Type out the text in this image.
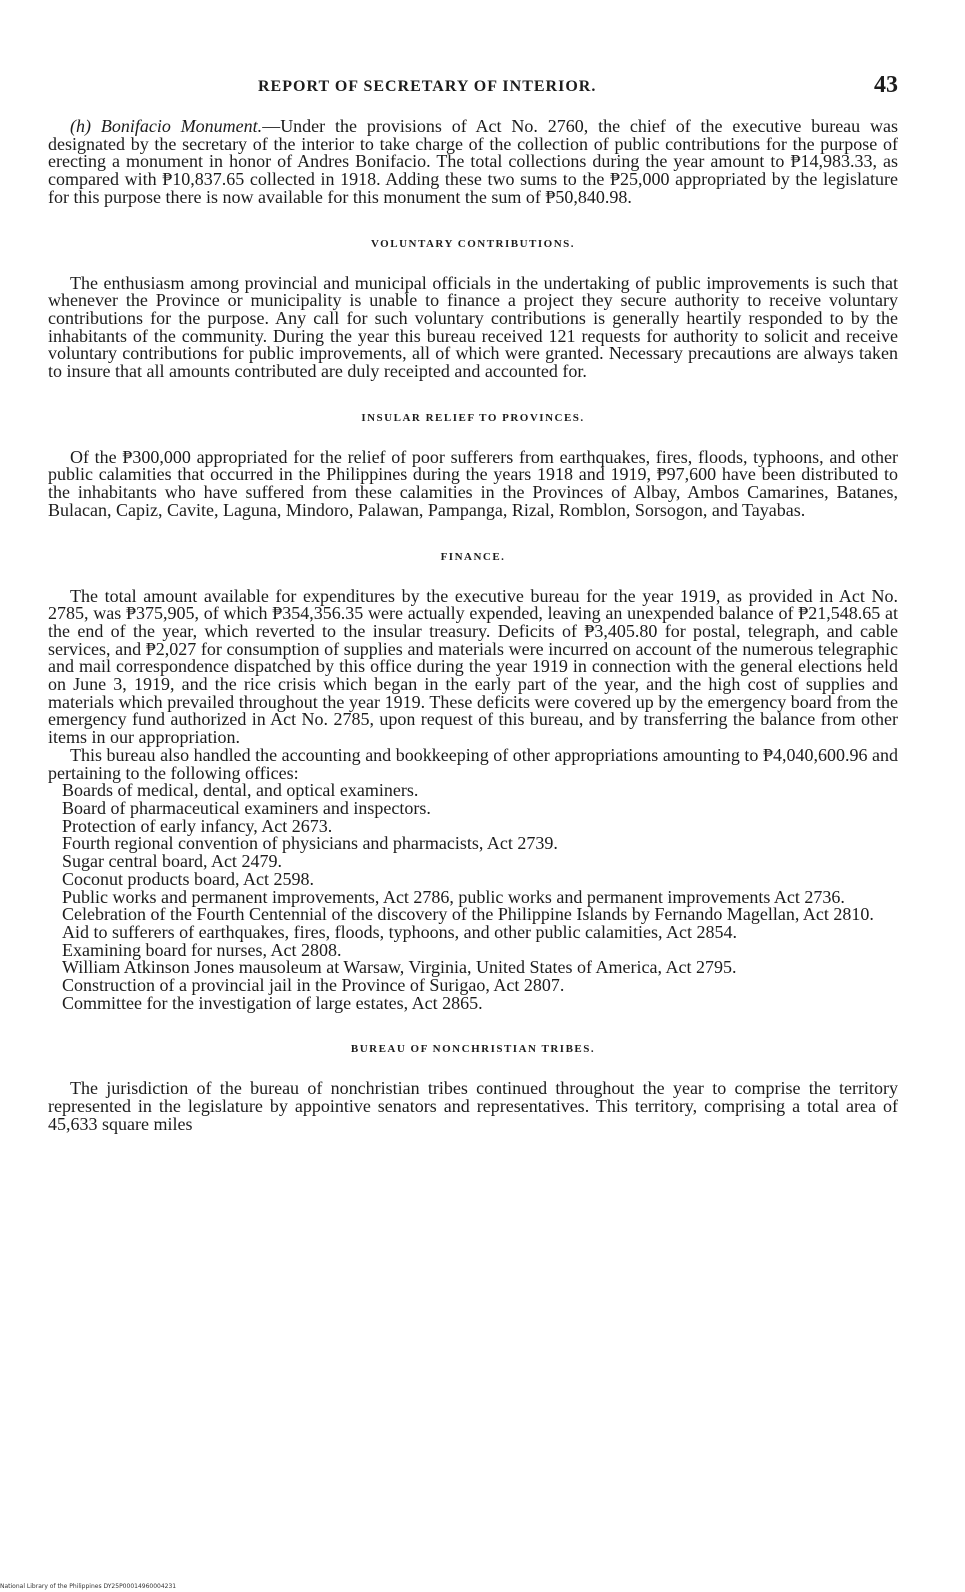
REPORT OF SECRETARY OF INTERIOR.	43

(h) Bonifacio Monument.—Under the provisions of Act No. 2760, the chief of the executive bureau was designated by the secretary of the interior to take charge of the collection of public contributions for the purpose of erecting a monument in honor of Andres Bonifacio. The total collections during the year amount to ₱14,983.33, as compared with ₱10,837.65 collected in 1918. Adding these two sums to the ₱25,000 appropriated by the legislature for this purpose there is now available for this monument the sum of ₱50,840.98.

VOLUNTARY CONTRIBUTIONS.

The enthusiasm among provincial and municipal officials in the undertaking of public improvements is such that whenever the Province or municipality is unable to finance a project they secure authority to receive voluntary contributions for the purpose. Any call for such voluntary contributions is generally heartily responded to by the inhabitants of the community. During the year this bureau received 121 requests for authority to solicit and receive voluntary contributions for public improvements, all of which were granted. Necessary precautions are always taken to insure that all amounts contributed are duly receipted and accounted for.

INSULAR RELIEF TO PROVINCES.

Of the ₱300,000 appropriated for the relief of poor sufferers from earthquakes, fires, floods, typhoons, and other public calamities that occurred in the Philippines during the years 1918 and 1919, ₱97,600 have been distributed to the inhabitants who have suffered from these calamities in the Provinces of Albay, Ambos Camarines, Batanes, Bulacan, Capiz, Cavite, Laguna, Mindoro, Palawan, Pampanga, Rizal, Romblon, Sorsogon, and Tayabas.

FINANCE.

The total amount available for expenditures by the executive bureau for the year 1919, as provided in Act No. 2785, was ₱375,905, of which ₱354,356.35 were actually expended, leaving an unexpended balance of ₱21,548.65 at the end of the year, which reverted to the insular treasury. Deficits of ₱3,405.80 for postal, telegraph, and cable services, and ₱2,027 for consumption of supplies and materials were incurred on account of the numerous telegraphic and mail correspondence dispatched by this office during the year 1919 in connection with the general elections held on June 3, 1919, and the rice crisis which began in the early part of the year, and the high cost of supplies and materials which prevailed throughout the year 1919. These deficits were covered up by the emergency board from the emergency fund authorized in Act No. 2785, upon request of this bureau, and by transferring the balance from other items in our appropriation.

This bureau also handled the accounting and bookkeeping of other appropriations amounting to ₱4,040,600.96 and pertaining to the following offices:

Boards of medical, dental, and optical examiners.
Board of pharmaceutical examiners and inspectors.
Protection of early infancy, Act 2673.
Fourth regional convention of physicians and pharmacists, Act 2739.
Sugar central board, Act 2479.
Coconut products board, Act 2598.
Public works and permanent improvements, Act 2786, public works and permanent improvements Act 2736.
Celebration of the Fourth Centennial of the discovery of the Philippine Islands by Fernando Magellan, Act 2810.
Aid to sufferers of earthquakes, fires, floods, typhoons, and other public calamities, Act 2854.
Examining board for nurses, Act 2808.
William Atkinson Jones mausoleum at Warsaw, Virginia, United States of America, Act 2795.
Construction of a provincial jail in the Province of Surigao, Act 2807.
Committee for the investigation of large estates, Act 2865.
BUREAU OF NONCHRISTIAN TRIBES.

The jurisdiction of the bureau of nonchristian tribes continued throughout the year to comprise the territory represented in the legislature by appointive senators and representatives. This territory, comprising a total area of 45,633 square miles

National Library of the Philippines DY25P00014960004231
